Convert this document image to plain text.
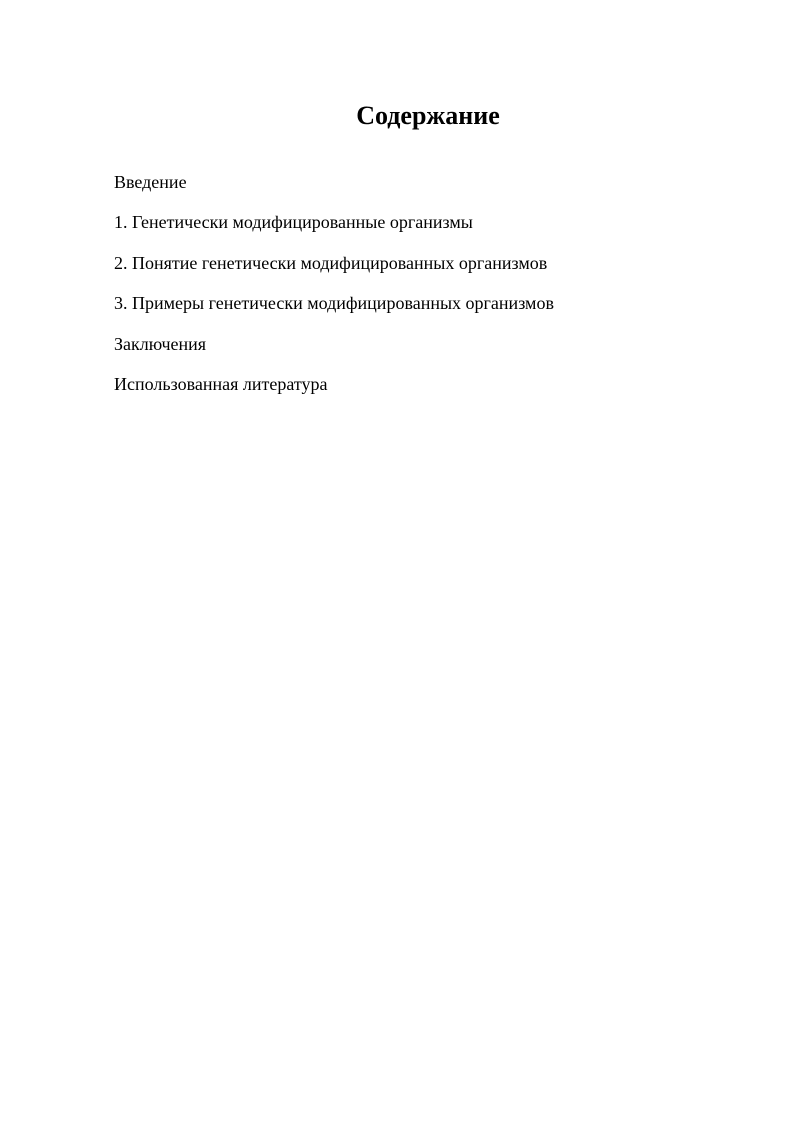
Содержание
Введение
1. Генетически модифицированные организмы
2. Понятие генетически модифицированных организмов
3. Примеры генетически модифицированных организмов
Заключения
Использованная литература
